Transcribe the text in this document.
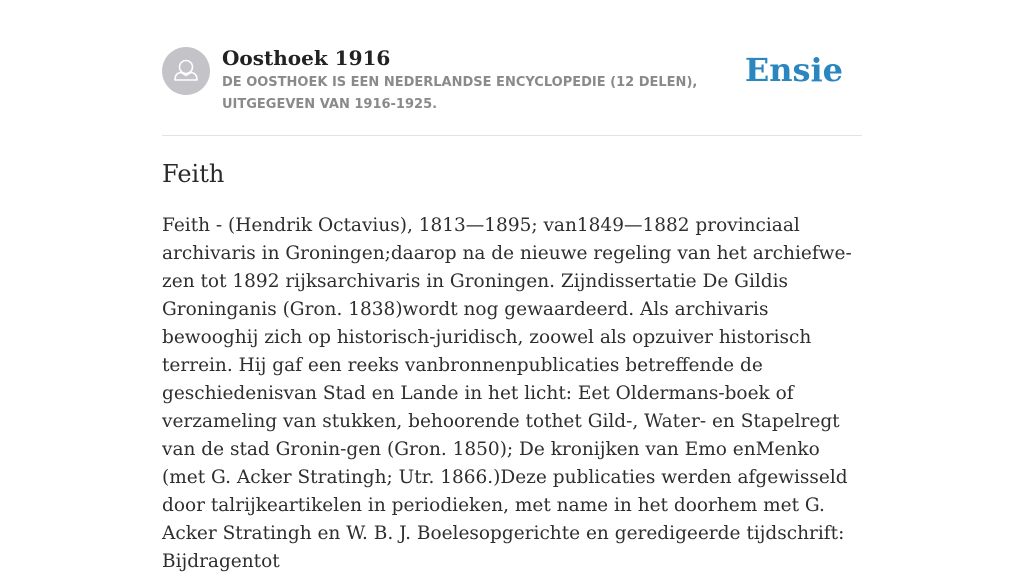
Oosthoek 1916

DE OOSTHOEK IS EEN NEDERLANDSE ENCYCLOPEDIE (12 DELEN), UITGEGEVEN VAN 1916-1925.

Ensie
Feith

Feith - (Hendrik Octavius), 1813—1895; van1849—1882 provinciaal archivaris in Groningen;daarop na de nieuwe regeling van het archiefwe-zen tot 1892 rijksarchivaris in Groningen. Zijndissertatie De Gildis Groninganis (Gron. 1838)wordt nog gewaardeerd. Als archivaris bewooghij zich op historisch-juridisch, zoowel als opzuiver historisch terrein. Hij gaf een reeks vanbronnenpublicaties betreffende de geschiedenisvan Stad en Lande in het licht: Eet Oldermans-boek of verzameling van stukken, behoorende tothet Gild-, Water- en Stapelregt van de stad Gronin-gen (Gron. 1850); De kronijken van Emo enMenko (met G. Acker Stratingh; Utr. 1866.)Deze publicaties werden afgewisseld door talrijkeartikelen in periodieken, met name in het doorhem met G. Acker Stratingh en W. B. J. Boelesopgerichte en geredigeerde tijdschrift: Bijdragentot
